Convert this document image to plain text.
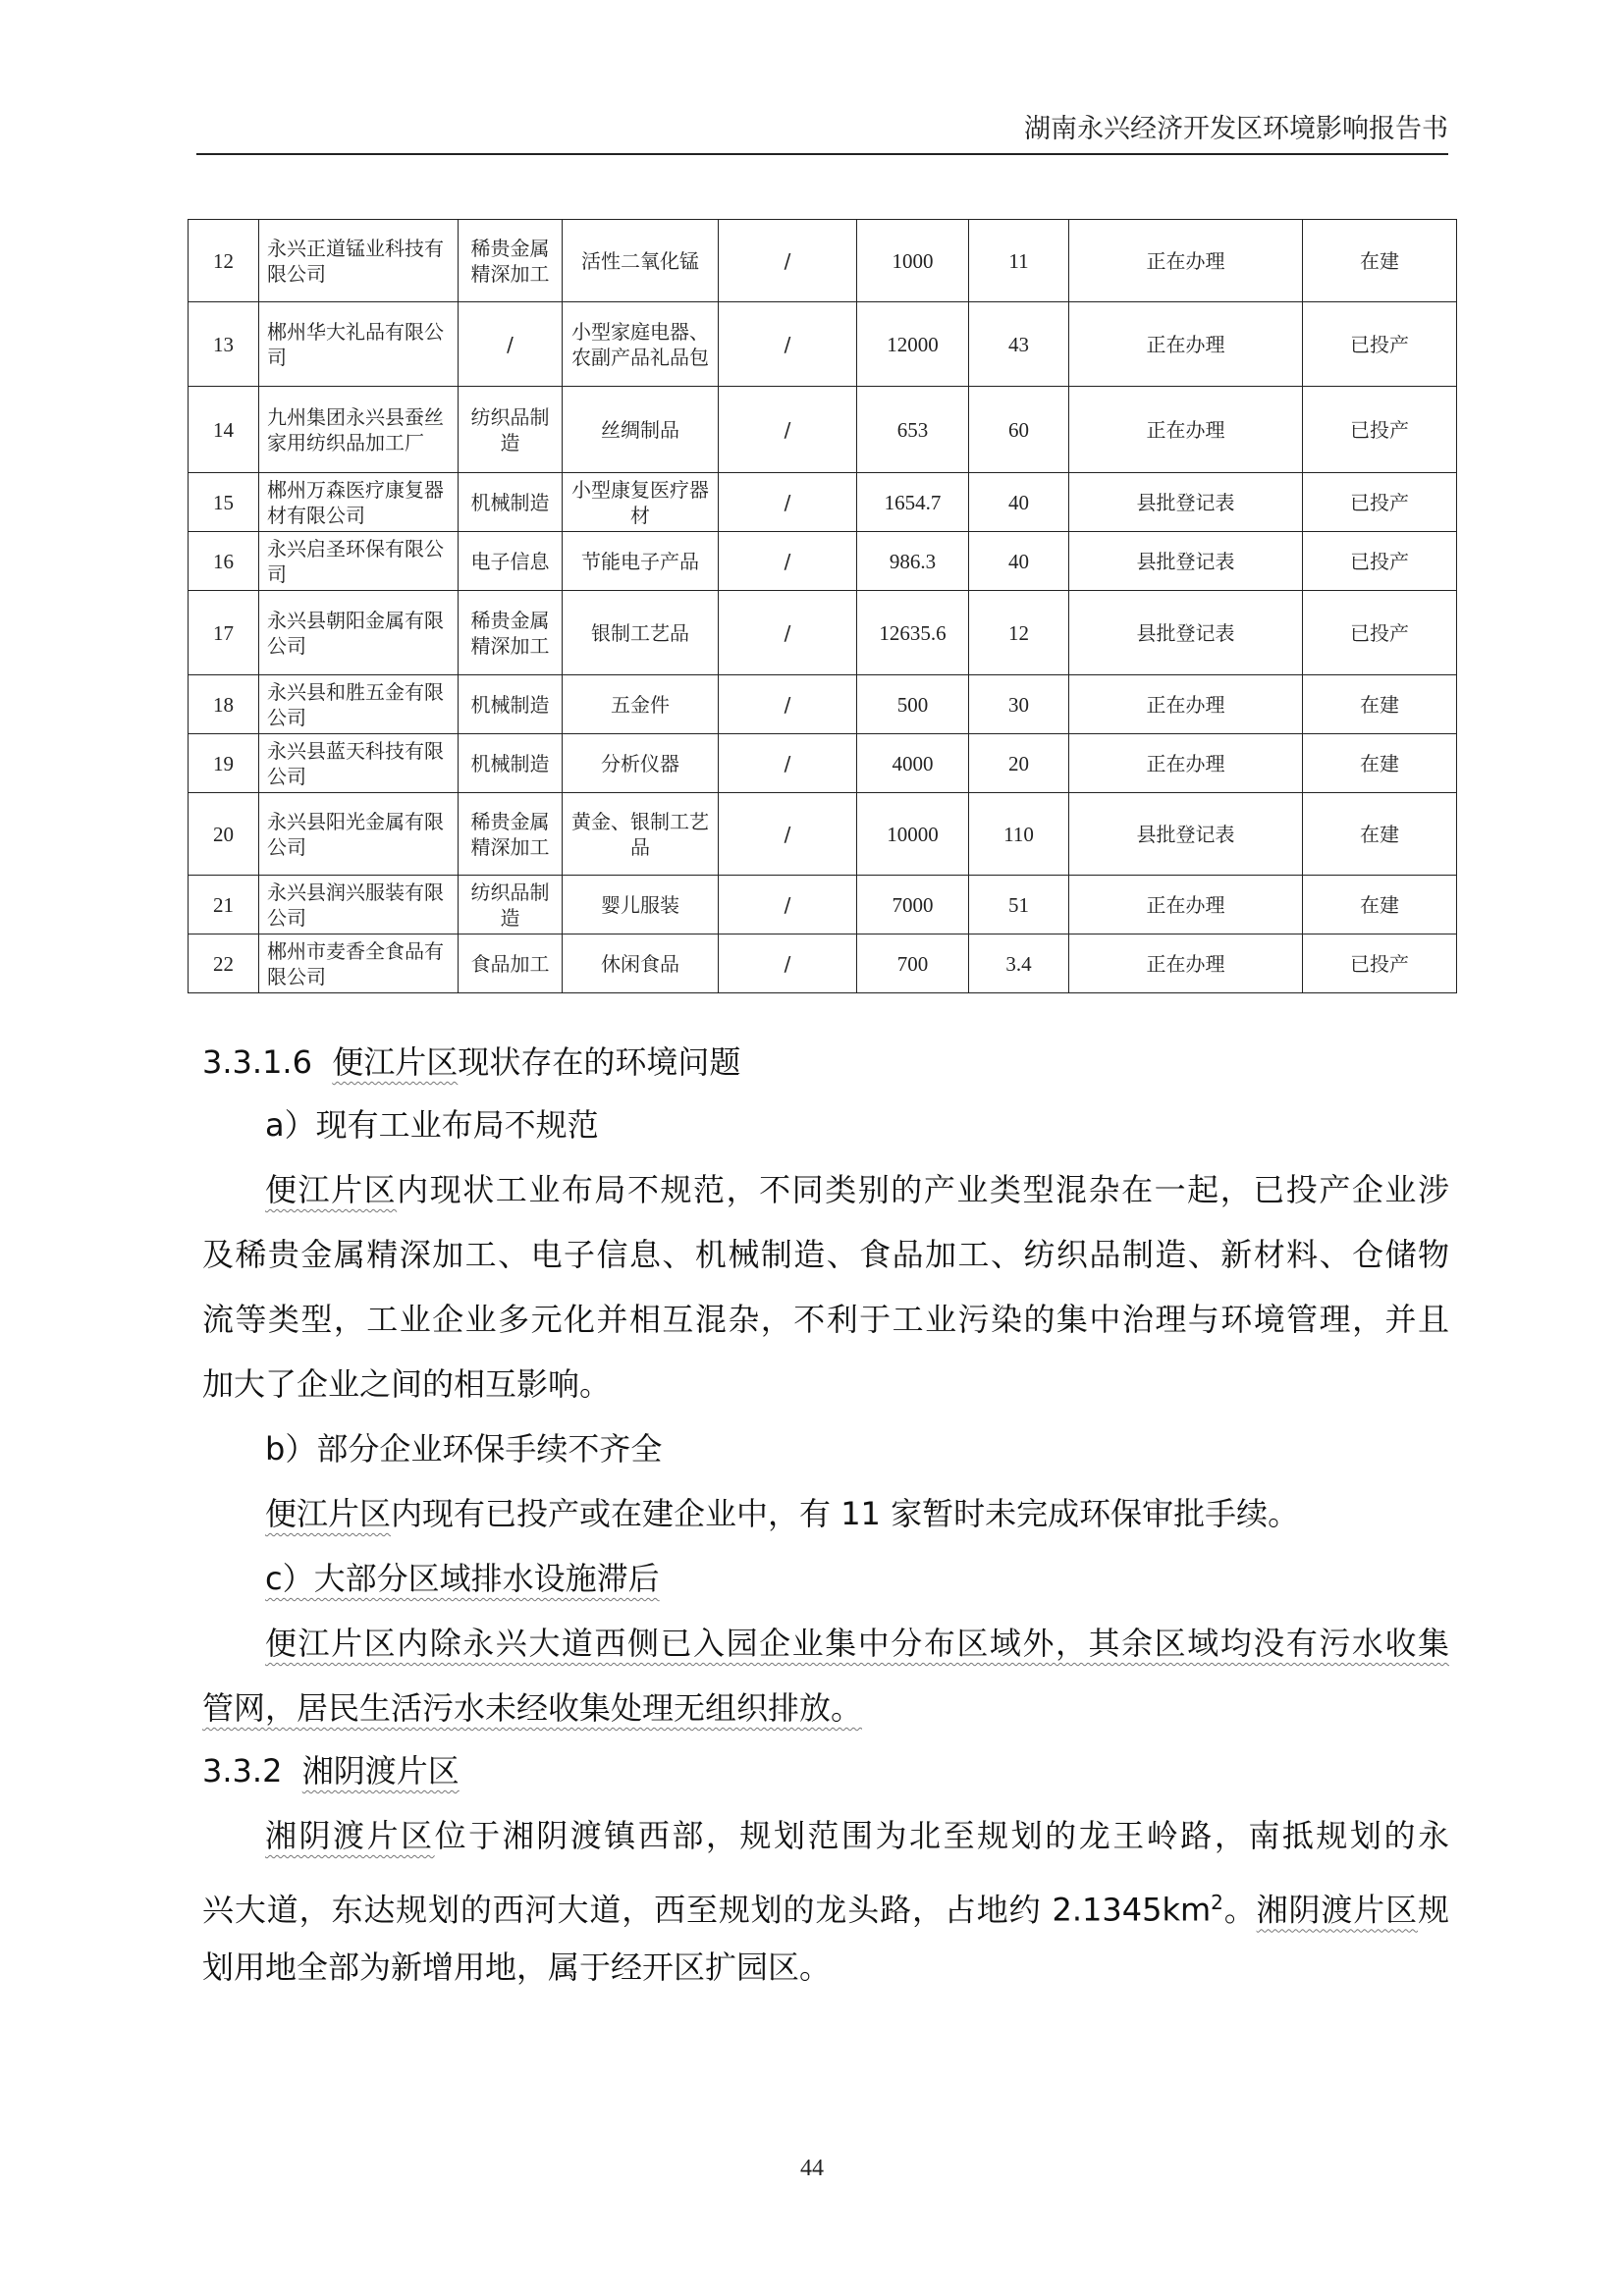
湖南永兴经济开发区环境影响报告书
12	永兴正道锰业科技有限公司	稀贵金属精深加工	活性二氧化锰	/	1000	11	正在办理	在建
13	郴州华大礼品有限公司	/	小型家庭电器、农副产品礼品包	/	12000	43	正在办理	已投产
14	九州集团永兴县蚕丝家用纺织品加工厂	纺织品制造	丝绸制品	/	653	60	正在办理	已投产
15	郴州万森医疗康复器材有限公司	机械制造	小型康复医疗器材	/	1654.7	40	县批登记表	已投产
16	永兴启圣环保有限公司	电子信息	节能电子产品	/	986.3	40	县批登记表	已投产
17	永兴县朝阳金属有限公司	稀贵金属精深加工	银制工艺品	/	12635.6	12	县批登记表	已投产
18	永兴县和胜五金有限公司	机械制造	五金件	/	500	30	正在办理	在建
19	永兴县蓝天科技有限公司	机械制造	分析仪器	/	4000	20	正在办理	在建
20	永兴县阳光金属有限公司	稀贵金属精深加工	黄金、银制工艺品	/	10000	110	县批登记表	在建
21	永兴县润兴服装有限公司	纺织品制造	婴儿服装	/	7000	51	正在办理	在建
22	郴州市麦香全食品有限公司	食品加工	休闲食品	/	700	3.4	正在办理	已投产
3.3.1.6 便江片区现状存在的环境问题
a）现有工业布局不规范
便江片区内现状工业布局不规范，不同类别的产业类型混杂在一起，已投产企业涉
及稀贵金属精深加工、电子信息、机械制造、食品加工、纺织品制造、新材料、仓储物
流等类型，工业企业多元化并相互混杂，不利于工业污染的集中治理与环境管理，并且
加大了企业之间的相互影响。
b）部分企业环保手续不齐全
便江片区内现有已投产或在建企业中，有 11 家暂时未完成环保审批手续。
c）大部分区域排水设施滞后
便江片区内除永兴大道西侧已入园企业集中分布区域外，其余区域均没有污水收集
管网，居民生活污水未经收集处理无组织排放。
3.3.2 湘阴渡片区
湘阴渡片区位于湘阴渡镇西部，规划范围为北至规划的龙王岭路，南抵规划的永
兴大道，东达规划的西河大道，西至规划的龙头路，占地约 $2.1345km^2$。湘阴渡片区规
划用地全部为新增用地，属于经开区扩园区。
44
